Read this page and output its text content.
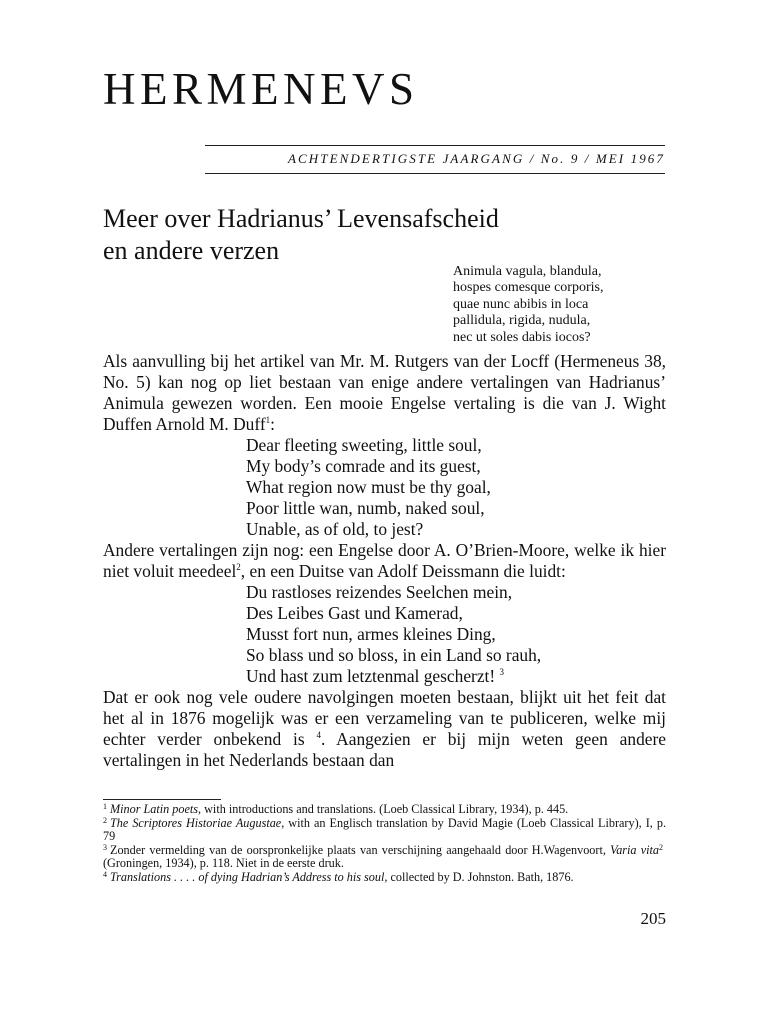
HERMENEVS
ACHTENDERTIGSTE JAARGANG / No. 9 / MEI 1967
Meer over Hadrianus’ Levensafscheid
en andere verzen
Animula vagula, blandula,
hospes comesque corporis,
quae nunc abibis in loca
pallidula, rigida, nudula,
nec ut soles dabis iocos?

Als aanvulling bij het artikel van Mr. M. Rutgers van der Locff (Hermeneus 38, No. 5) kan nog op liet bestaan van enige andere vertalingen van Hadrianus’ Animula gewezen worden. Een mooie Engelse vertaling is die van J. Wight Duffen Arnold M. Duff$^1$:

Dear fleeting sweeting, little soul,
My body’s comrade and its guest,
What region now must be thy goal,
Poor little wan, numb, naked soul,
Unable, as of old, to jest?

Andere vertalingen zijn nog: een Engelse door A. O’Brien-Moore, welke ik hier niet voluit meedeel$^2$, en een Duitse van Adolf Deissmann die luidt:

Du rastloses reizendes Seelchen mein,
Des Leibes Gast und Kamerad,
Musst fort nun, armes kleines Ding,
So blass und so bloss, in ein Land so rauh,
Und hast zum letztenmal gescherzt! $^3$

Dat er ook nog vele oudere navolgingen moeten bestaan, blijkt uit het feit dat het al in 1876 mogelijk was er een verzameling van te publiceren, welke mij echter verder onbekend is $^4$. Aangezien er bij mijn weten geen andere vertalingen in het Nederlands bestaan dan

$^1$ Minor Latin poets, with introductions and translations. (Loeb Classical Library, 1934), p. 445.
$^2$ The Scriptores Historiae Augustae, with an Englisch translation by David Magie (Loeb Classical Library), I, p. 79
$^3$ Zonder vermelding van de oorspronkelijke plaats van verschijning aangehaald door H.Wagenvoort, Varia vita$^2$ (Groningen, 1934), p. 118. Niet in de eerste druk.
$^4$ Translations . . . . of dying Hadrian’s Address to his soul, collected by D. Johnston. Bath, 1876.
205
